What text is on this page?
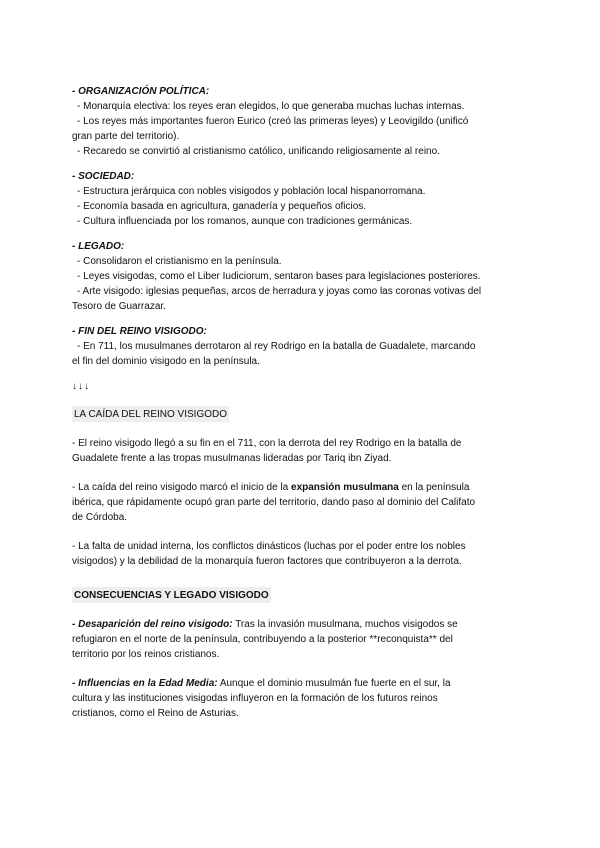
- ORGANIZACIÓN POLÍTICA:

- Monarquía electiva: los reyes eran elegidos, lo que generaba muchas luchas internas.

- Los reyes más importantes fueron Eurico (creó las primeras leyes) y Leovigildo (unificó

gran parte del territorio).

- Recaredo se convirtió al cristianismo católico, unificando religiosamente al reino.

- SOCIEDAD:

- Estructura jerárquica con nobles visigodos y población local hispanorromana.

- Economía basada en agricultura, ganadería y pequeños oficios.

- Cultura influenciada por los romanos, aunque con tradiciones germánicas.

- LEGADO:

- Consolidaron el cristianismo en la península.

- Leyes visigodas, como el Liber Iudiciorum, sentaron bases para legislaciones posteriores.

- Arte visigodo: iglesias pequeñas, arcos de herradura y joyas como las coronas votivas del

Tesoro de Guarrazar.

- FIN DEL REINO VISIGODO:

- En 711, los musulmanes derrotaron al rey Rodrigo en la batalla de Guadalete, marcando

el fin del dominio visigodo en la península.

↓↓↓

LA CAÍDA DEL REINO VISIGODO

- El reino visigodo llegó a su fin en el 711, con la derrota del rey Rodrigo en la batalla de

Guadalete frente a las tropas musulmanas lideradas por Tariq ibn Ziyad.

- La caída del reino visigodo marcó el inicio de la expansión musulmana en la península

ibérica, que rápidamente ocupó gran parte del territorio, dando paso al dominio del Califato

de Córdoba.

- La falta de unidad interna, los conflictos dinásticos (luchas por el poder entre los nobles

visigodos) y la debilidad de la monarquía fueron factores que contribuyeron a la derrota.

CONSECUENCIAS Y LEGADO VISIGODO

- Desaparición del reino visigodo: Tras la invasión musulmana, muchos visigodos se

refugiaron en el norte de la península, contribuyendo a la posterior **reconquista** del

territorio por los reinos cristianos.

- Influencias en la Edad Media: Aunque el dominio musulmán fue fuerte en el sur, la

cultura y las instituciones visigodas influyeron en la formación de los futuros reinos

cristianos, como el Reino de Asturias.
